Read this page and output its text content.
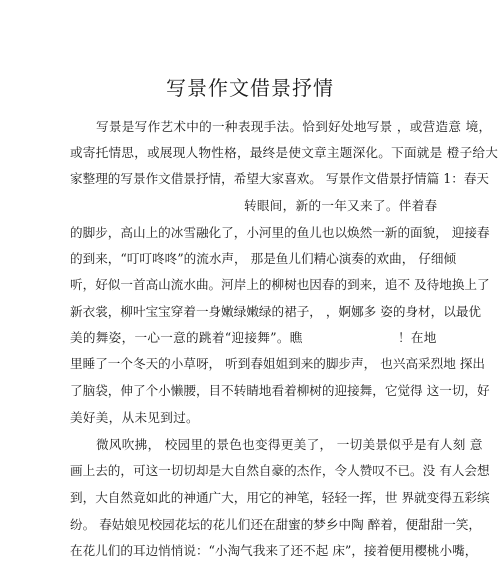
写景作文借景抒情
写景是写作艺术中的一种表现手法。恰到好处地写景 ，或营造意 境，
或寄托情思，或展现人物性格，最终是使文章主题深化。下面就是 橙子给大
家整理的写景作文借景抒情，希望大家喜欢。 写景作文借景抒情篇 1：春天
转眼间，新的一年又来了。伴着春
的脚步，高山上的冰雪融化了，小河里的鱼儿也以焕然一新的面貌， 迎接春
的到来，“叮叮咚咚”的流水声， 那是鱼儿们精心演奏的欢曲， 仔细倾
听，好似一首高山流水曲。河岸上的柳树也因春的到来，追不 及待地换上了
新衣裳，柳叶宝宝穿着一身嫩绿嫩绿的裙子， ，婀娜多 姿的身材，以最优
美的舞姿，一心一意的跳着“迎接舞”。瞧	！在地
里睡了一个冬天的小草呀， 听到春姐姐到来的脚步声， 也兴高采烈地 探出
了脑袋，伸了个小懒腰，目不转睛地看着柳树的迎接舞，它觉得 这一切，好
美好美，从未见到过。
微风吹拂， 校园里的景色也变得更美了， 一切美景似乎是有人刻 意
画上去的，可这一切切却是大自然自豪的杰作，令人赞叹不已。没 有人会想
到，大自然竟如此的神通广大，用它的神笔，轻轻一挥，世 界就变得五彩缤
纷。 春姑娘见校园花坛的花儿们还在甜蜜的梦乡中陶 醉着，便甜甜一笑，
在花儿们的耳边悄悄说：“小淘气我来了还不起 床”，接着便用樱桃小嘴，
